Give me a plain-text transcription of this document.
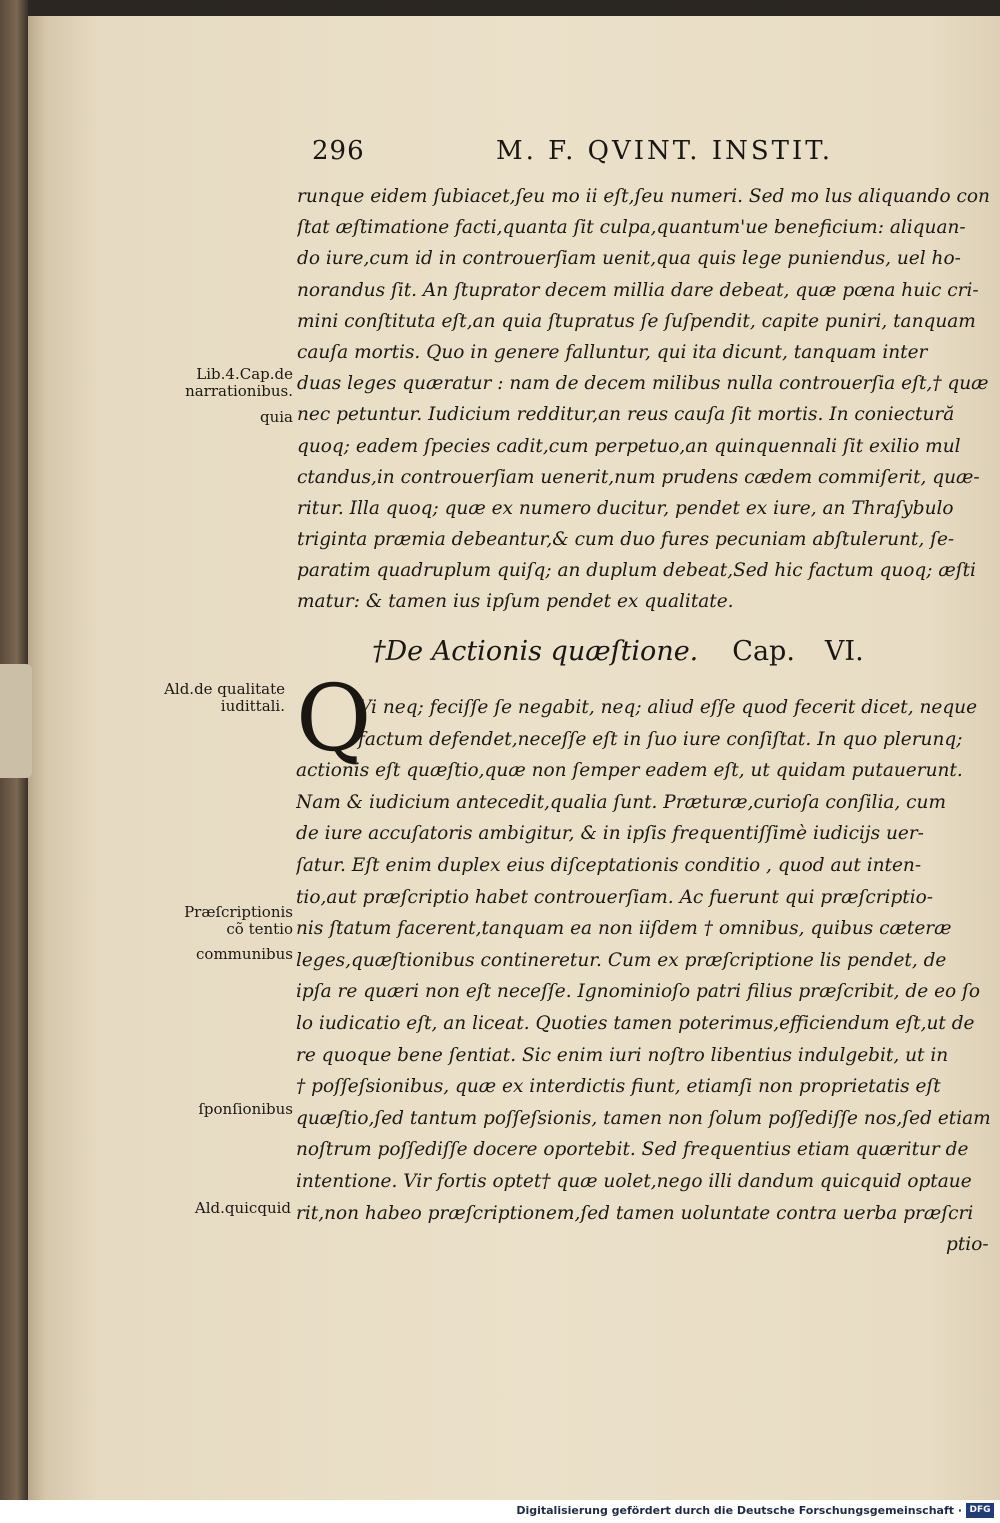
296	M. F. QVINT. INSTIT.
runque eidem ſubiacet,ſeu mo ii eſt,ſeu numeri. Sed mo lus aliquando con
ſtat æſtimatione facti,quanta ſit culpa,quantum'ue beneficium: aliquan-
do iure,cum id in controuerſiam uenit,qua quis lege puniendus, uel ho-
norandus ſit. An ſtuprator decem millia dare debeat, quæ pœna huic cri-
mini conſtituta eſt,an quia ſtupratus ſe ſuſpendit, capite puniri, tanquam
cauſa mortis. Quo in genere falluntur, qui ita dicunt, tanquam inter
duas leges quæratur : nam de decem milibus nulla controuerſia eſt,† quæ
nec petuntur. Iudicium redditur,an reus cauſa ſit mortis. In coniectură
quoq; eadem ſpecies cadit,cum perpetuo,an quinquennali ſit exilio mul
ctandus,in controuerſiam uenerit,num prudens cædem commiſerit, quæ-
ritur. Illa quoq; quæ ex numero ducitur, pendet ex iure, an Thraſybulo
triginta præmia debeantur,& cum duo fures pecuniam abſtulerunt, ſe-
paratim quadruplum quiſq; an duplum debeat,Sed hic factum quoq; æſti
matur: & tamen ius ipſum pendet ex qualitate.
†De Actionis quæſtione. Cap. VI.
Q
Vi neq; feciſſe ſe negabit, neq; aliud eſſe quod fecerit dicet, neque
factum defendet,neceſſe eſt in ſuo iure conſiſtat. In quo plerunq;
actionis eſt quæſtio,quæ non ſemper eadem eſt, ut quidam putauerunt.
Nam & iudicium antecedit,qualia ſunt. Præturæ,curioſa conſilia, cum
de iure accuſatoris ambigitur, & in ipſis frequentiſſimè iudicijs uer-
ſatur. Eſt enim duplex eius diſceptationis conditio , quod aut inten-
tio,aut præſcriptio habet controuerſiam. Ac fuerunt qui præſcriptio-
nis ſtatum facerent,tanquam ea non iiſdem † omnibus, quibus cæteræ
leges,quæſtionibus contineretur. Cum ex præſcriptione lis pendet, de
ipſa re quæri non eſt neceſſe. Ignominioſo patri filius præſcribit, de eo ſo
lo iudicatio eſt, an liceat. Quoties tamen poterimus,efficiendum eſt,ut de
re quoque bene ſentiat. Sic enim iuri noſtro libentius indulgebit, ut in
† poſſeſsionibus, quæ ex interdictis fiunt, etiamſi non proprietatis eſt
quæſtio,ſed tantum poſſeſsionis, tamen non ſolum poſſediſſe nos,ſed etiam
noſtrum poſſediſſe docere oportebit. Sed frequentius etiam quæritur de
intentione. Vir fortis optet† quæ uolet,nego illi dandum quicquid optaue
rit,non habeo præſcriptionem,ſed tamen uoluntate contra uerba præſcri
ptio-
Lib.4.Cap.de narrationibus.
quia
Ald.de qualitate iudittali.
Præſcriptionis cõ tentio
communibus
ſponſionibus
Ald.quicquid
Digitalisierung gefördert durch die Deutsche Forschungsgemeinschaft · DFG
